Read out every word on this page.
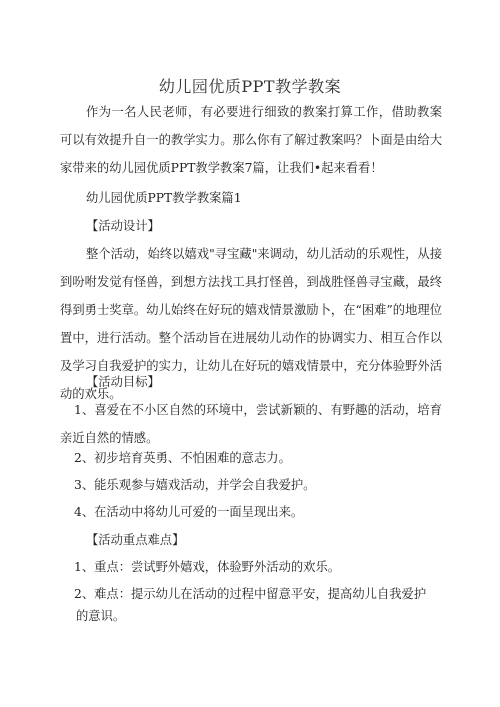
幼儿园优质PPT教学教案
作为一名人民老师，有必要进行细致的教案打算工作，借助教案可以有效提升自一的教学实力。那么你有了解过教案吗？卜面是由给大家带来的幼儿园优质PPT教学教案7篇，让我们•起来看看！
幼儿园优质PPT教学教案篇1
【活动设计】
整个活动，始终以嬉戏"寻宝藏"来调动，幼儿活动的乐观性，从接到吩咐发觉有怪兽，到想方法找工具打怪兽，到战胜怪兽寻宝藏，最终得到勇士奖章。幼儿始终在好玩的嬉戏情景激励卜，在“困难”的地理位置中，进行活动。整个活动旨在进展幼儿动作的协调实力、相互合作以及学习自我爱护的实力，让幼儿在好玩的嬉戏情景中，充分体验野外活动的欢乐。
【活动目标】
1、喜爱在不小区自然的环境中，尝试新颖的、有野趣的活动，培育亲近自然的情感。
2、初步培育英勇、不怕困难的意志力。
3、能乐观参与嬉戏活动，并学会自我爱护。
4、在活动中将幼儿可爱的一面呈现出来。
【活动重点难点】
1、重点：尝试野外嬉戏，体验野外活动的欢乐。
2、难点：提示幼儿在活动的过程中留意平安，提高幼儿自我爱护
的意识。
